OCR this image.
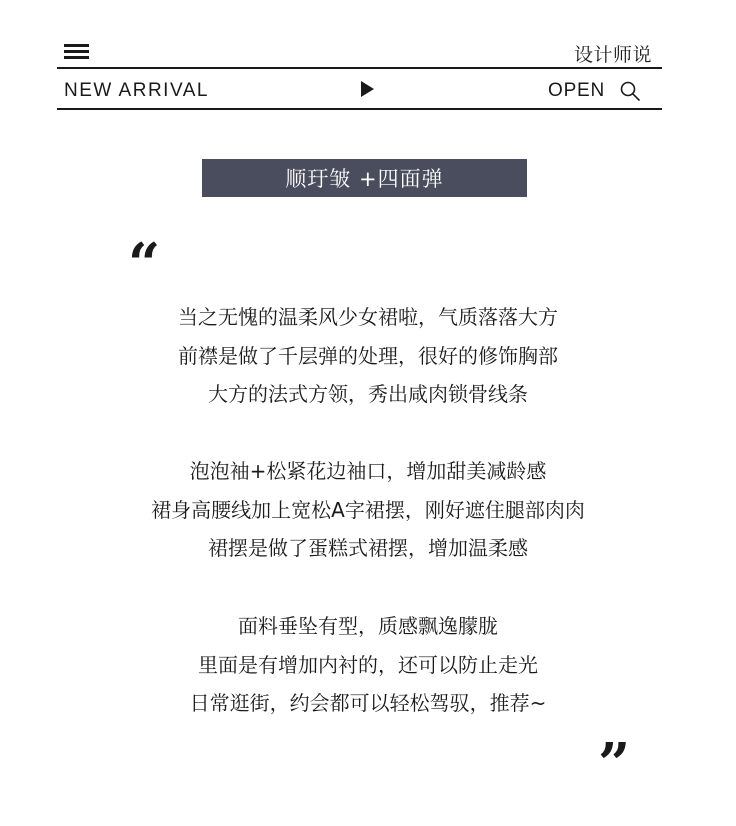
设计师说
NEW ARRIVAL	OPEN
顺玗皱 +四面弹
“

当之无愧的温柔风少女裙啦，气质落落大方

前襟是做了千层弹的处理，很好的修饰胸部

大方的法式方领，秀出咸肉锁骨线条

泡泡袖+松紧花边袖口，增加甜美减龄感

裙身高腰线加上宽松A字裙摆，刚好遮住腿部肉肉

裙摆是做了蛋糕式裙摆，增加温柔感

面料垂坠有型，质感飘逸朦胧

里面是有增加内衬的，还可以防止走光

日常逛街，约会都可以轻松驾驭，推荐~

”
